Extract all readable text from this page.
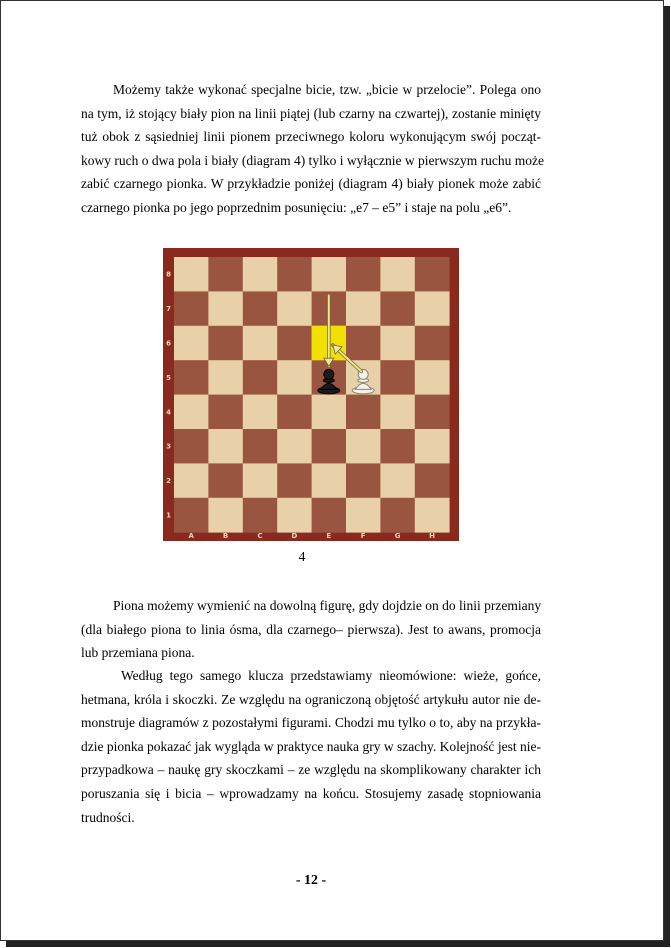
Możemy także wykonać specjalne bicie, tzw. „bicie w przelocie”. Polega ono
na tym, iż stojący biały pion na linii piątej (lub czarny na czwartej), zostanie minięty
tuż obok z sąsiedniej linii pionem przeciwnego koloru wykonującym swój począt-
kowy ruch o dwa pola i biały (diagram 4) tylko i wyłącznie w pierwszym ruchu może
zabić czarnego pionka. W przykładzie poniżej (diagram 4) biały pionek może zabić
czarnego pionka po jego poprzednim posunięciu: „e7 – e5” i staje na polu „e6”.

A	B	C	D	E	F	G	H
8
7
6
5
4
3
2
1
4

Piona możemy wymienić na dowolną figurę, gdy dojdzie on do linii przemiany
(dla białego piona to linia ósma, dla czarnego– pierwsza). Jest to awans, promocja
lub przemiana piona.

Według tego samego klucza przedstawiamy nieomówione: wieże, gońce,
hetmana, króla i skoczki. Ze względu na ograniczoną objętość artykułu autor nie de-
monstruje diagramów z pozostałymi figurami. Chodzi mu tylko o to, aby na przykła-
dzie pionka pokazać jak wygląda w praktyce nauka gry w szachy. Kolejność jest nie-
przypadkowa – naukę gry skoczkami – ze względu na skomplikowany charakter ich
poruszania się i bicia – wprowadzamy na końcu. Stosujemy zasadę stopniowania
trudności.

- 12 -
